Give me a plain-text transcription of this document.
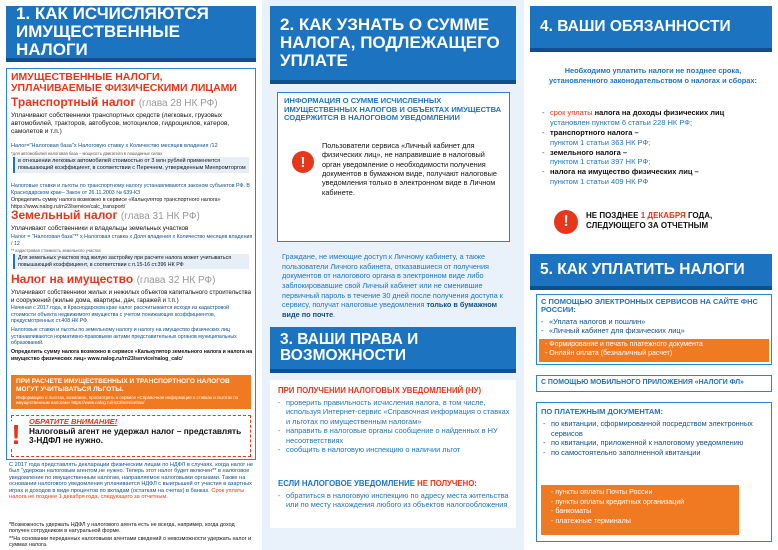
1. КАК ИСЧИСЛЯЮТСЯ ИМУЩЕСТВЕННЫЕ НАЛОГИ
ИМУЩЕСТВЕННЫЕ НАЛОГИ, УПЛАЧИВАЕМЫЕ ФИЗИЧЕСКИМИ ЛИЦАМИ
Транспортный налог (глава 28 НК РФ)
Уплачивают собственники транспортных средств (легковых, грузовых автомобилей, тракторов, автобусов, мотоциклов, гидроциклов, катеров, самолетов и т.п.)
Налог="Налоговая база"х Налоговую ставку х Количество месяцев владения /12
*для автомобилей налоговая база – мощность двигателя в лошадиных силах
в отношении легковых автомобилей стоимостью от 3 млн рублей применяется повышающий коэффициент, в соответствии с Перечнем, утвержденным Минпромторгом
Налоговые ставки и льготы по транспортному налогу устанавливаются законом субъектов РФ. В Краснодарском крае– Закон от 26.11.2003 № 639-КЗ
Определить сумму налога возможно в сервисе «Калькулятор транспортного налога» https://www.nalog.ru/rn23/service/calc_transport/
Земельный налог (глава 31 НК РФ)
Уплачивают собственники и владельцы земельных участков
Налог = "Налоговая база"** х Налоговая ставка х Доля владения х Количество месяцев владения / 12
** кадастровая стоимость земельного участка
Для земельных участков под жилую застройку при расчете налога может учитываться повышающий коэффициент, в соответствии с п.15-16 ст.396 НК РФ
Налог на имущество (глава 32 НК РФ)
Уплачивают собственники жилых и нежилых объектов капитального строительства и сооружений (жилые дома, квартиры, дач, гаражей и т.п.)
Начиная с 2017 года, в Краснодарском крае налог рассчитывается исходя из кадастровой стоимости объекта недвижимого имущества с учетом понижающих коэффициентов, предусмотренных ст.408 НК РФ.
Налоговые ставки и льготы по земельному налогу и налогу на имущество физических лиц устанавливаются нормативно-правовыми актами представительных органов муниципальных образований.
Определить сумму налога возможно в сервисе «Калькулятор земельного налога и налога на имущество физических лиц» www.nalog.ru/rn23/service/nalog_calc/
ПРИ РАСЧЕТЕ ИМУЩЕСТВЕННЫХ И ТРАНСПОРТНОГО НАЛОГОВ МОГУТ УЧИТЫВАТЬСЯ ЛЬГОТЫ.
Информацию о льготах, возможно, просмотреть в сервисе «Справочная информация о ставках и льготах по имущественным налогам» https://www.nalog.ru/rn23/service/tax/
!	ОБРАТИТЕ ВНИМАНИЕ!
Налоговый агент не удержал налог – представлять 3-НДФЛ не нужно.
С 2017 года представлять декларации физическим лицам по НДФЛ в случаях, когда налог не был "удержан налоговым агентом,не нужно. Теперь этот налог будет включен** в налоговое уведомление по имущественным налогам, направляемое налоговыми органами. Также на основании налогового уведомления уплачивается НДФЛ с выигрышей от участия в азартных играх и доходов в виде процентов по вкладам (остаткам на счетах) в банках. Срок уплаты налога не позднее 1 декабря года, следующего за отчетным.
*Возможность удержать НДФЛ у налогового агента есть не всегда, например, когда доход получен сотрудником в натуральной форме.
**На основании переданных налоговыми агентами сведений о невозможности удержать налог и суммах налога.
2. КАК УЗНАТЬ О СУММЕ НАЛОГА, ПОДЛЕЖАЩЕГО УПЛАТЕ
ИНФОРМАЦИЯ О СУММЕ ИСЧИСЛЕННЫХ ИМУЩЕСТВЕННЫХ НАЛОГОВ И ОБЪЕКТАХ ИМУЩЕСТВА СОДЕРЖИТСЯ В НАЛОГОВОМ УВЕДОМЛЕНИИ
!
Пользователи сервиса «Личный кабинет для физических лиц», не направившие в налоговый орган уведомление о необходимости получения документов в бумажном виде, получают налоговые уведомления только в электронном виде в Личном кабинете.
Граждане, не имеющие доступ к Личному кабинету, а также пользователи Личного кабинета, отказавшиеся от получения документов от налогового органа в электронном виде либо заблокировавшие свой Личный кабинет или не сменившие первичный пароль в течение 30 дней после получения доступа к сервису, получат налоговые уведомления только в бумажном виде по почте.
3. ВАШИ ПРАВА И ВОЗМОЖНОСТИ
ПРИ ПОЛУЧЕНИИ НАЛОГОВЫХ УВЕДОМЛЕНИЙ (НУ)
- проверить правильность исчисления налога, в том числе, используя Интернет-сервис «Справочная информация о ставках и льготах по имущественным налогам»
- направить в налоговые органы сообщение о найденных в НУ несоответствиях
- сообщить в налоговую инспекцию о наличии льгот
ЕСЛИ НАЛОГОВОЕ УВЕДОМЛЕНИЕ НЕ ПОЛУЧЕНО:
- обратиться в налоговую инспекцию по адресу места жительства или по месту нахождения любого из объектов налогообложения
4. ВАШИ ОБЯЗАННОСТИ
Необходимо уплатить налоги не позднее срока, установленного законодательством о налогах и сборах:
- срок уплаты налога на доходы физических лиц
установлен пунктом 6 статьи 228 НК РФ;
- транспортного налога –
пунктом 1 статьи 363 НК РФ;
- земельного налога –
пунктом 1 статьи 397 НК РФ;
- налога на имущество физических лиц –
пунктом 1 статьи 409 НК РФ
!	НЕ ПОЗДНЕЕ 1 ДЕКАБРЯ ГОДА, СЛЕДУЮЩЕГО ЗА ОТЧЕТНЫМ
5. КАК УПЛАТИТЬ НАЛОГИ
С ПОМОЩЬЮ ЭЛЕКТРОННЫХ СЕРВИСОВ НА САЙТЕ ФНС РОССИИ:
- «Уплата налогов и пошлин»
- «Личный кабинет для физических лиц»
- Формирование и печать платежного документа
- Онлайн оплата (безналичный расчет)
С ПОМОЩЬЮ МОБИЛЬНОГО ПРИЛОЖЕНИЯ «НАЛОГИ ФЛ»
ПО ПЛАТЕЖНЫМ ДОКУМЕНТАМ:
- по квитанции, сформированной посредством электронных сервисов
- по квитанции, приложенной к налоговому уведомлению
- по самостоятельно заполненной квитанции
- пункты оплаты Почты России
- пункты оплаты кредитных организаций
- банкоматы
- платежные терминалы
